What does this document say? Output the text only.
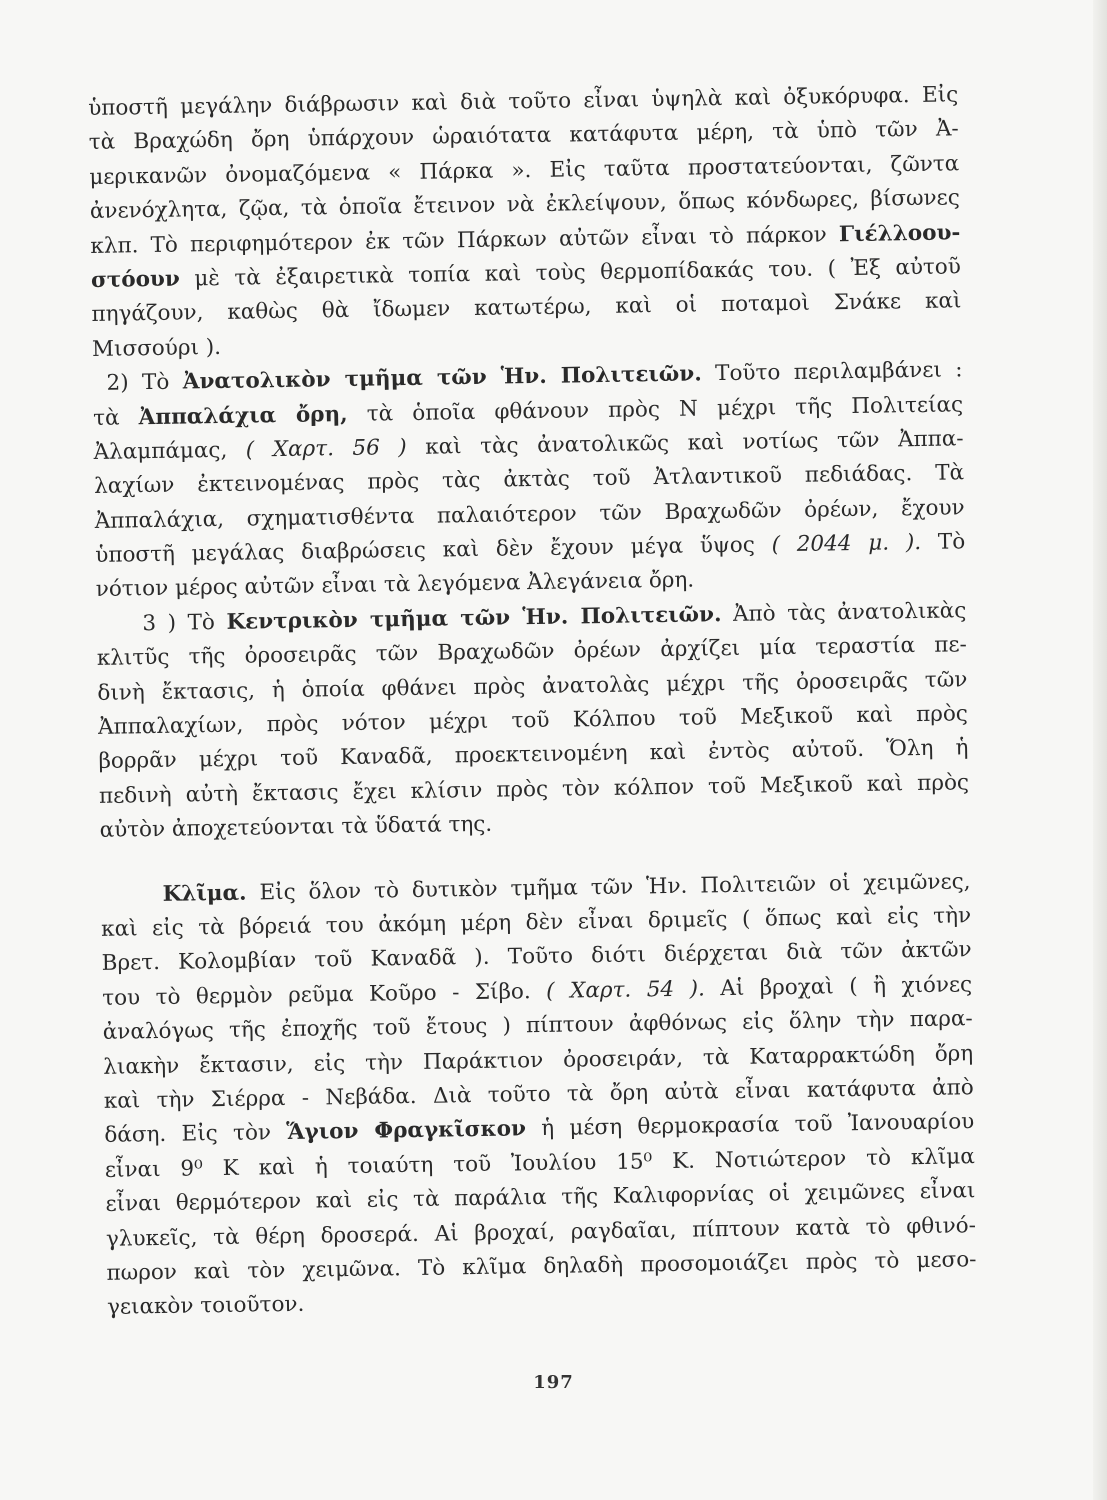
ὑποστῆ μεγάλην διάβρωσιν καὶ διὰ τοῦτο εἶναι ὑψηλὰ καὶ ὀξυκόρυφα. Εἰς
τὰ Βραχώδη ὄρη ὑπάρχουν ὡραιότατα κατάφυτα μέρη, τὰ ὑπὸ τῶν Ἀ-
μερικανῶν ὀνομαζόμενα « Πάρκα ». Εἰς ταῦτα προστατεύονται, ζῶντα
ἀνενόχλητα, ζῷα, τὰ ὁποῖα ἔτεινον νὰ ἐκλείψουν, ὅπως κόνδωρες, βίσωνες
κλπ. Τὸ περιφημότερον ἐκ τῶν Πάρκων αὐτῶν εἶναι τὸ πάρκον Γιέλλοου-
στόουν μὲ τὰ ἐξαιρετικὰ τοπία καὶ τοὺς θερμοπίδακάς του. ( Ἐξ αὐτοῦ
πηγάζουν, καθὼς θὰ ἴδωμεν κατωτέρω, καὶ οἱ ποταμοὶ Σνάκε καὶ
Μισσούρι ).
2) Τὸ Ἀνατολικὸν τμῆμα τῶν Ἡν. Πολιτειῶν. Τοῦτο περιλαμβάνει :
τὰ Ἀππαλάχια ὄρη, τὰ ὁποῖα φθάνουν πρὸς Ν μέχρι τῆς Πολιτείας
Ἀλαμπάμας, ( Χαρτ. 56 ) καὶ τὰς ἀνατολικῶς καὶ νοτίως τῶν Ἀππα-
λαχίων ἐκτεινομένας πρὸς τὰς ἀκτὰς τοῦ Ἀτλαντικοῦ πεδιάδας. Τὰ
Ἀππαλάχια, σχηματισθέντα παλαιότερον τῶν Βραχωδῶν ὀρέων, ἔχουν
ὑποστῆ μεγάλας διαβρώσεις καὶ δὲν ἔχουν μέγα ὕψος ( 2044 μ. ). Τὸ
νότιον μέρος αὐτῶν εἶναι τὰ λεγόμενα Ἀλεγάνεια ὄρη.
3 ) Τὸ Κεντρικὸν τμῆμα τῶν Ἡν. Πολιτειῶν. Ἀπὸ τὰς ἀνατολικὰς
κλιτῦς τῆς ὀροσειρᾶς τῶν Βραχωδῶν ὀρέων ἀρχίζει μία τεραστία πε-
δινὴ ἔκτασις, ἡ ὁποία φθάνει πρὸς ἀνατολὰς μέχρι τῆς ὀροσειρᾶς τῶν
Ἀππαλαχίων, πρὸς νότον μέχρι τοῦ Κόλπου τοῦ Μεξικοῦ καὶ πρὸς
βορρᾶν μέχρι τοῦ Καναδᾶ, προεκτεινομένη καὶ ἐντὸς αὐτοῦ. Ὅλη ἡ
πεδινὴ αὐτὴ ἔκτασις ἔχει κλίσιν πρὸς τὸν κόλπον τοῦ Μεξικοῦ καὶ πρὸς
αὐτὸν ἀποχετεύονται τὰ ὕδατά της.
Κλῖμα. Εἰς ὅλον τὸ δυτικὸν τμῆμα τῶν Ἡν. Πολιτειῶν οἱ χειμῶνες,
καὶ εἰς τὰ βόρειά του ἀκόμη μέρη δὲν εἶναι δριμεῖς ( ὅπως καὶ εἰς τὴν
Βρετ. Κολομβίαν τοῦ Καναδᾶ ). Τοῦτο διότι διέρχεται διὰ τῶν ἀκτῶν
του τὸ θερμὸν ρεῦμα Κοῦρο - Σίβο. ( Χαρτ. 54 ). Αἱ βροχαὶ ( ἢ χιόνες
ἀναλόγως τῆς ἐποχῆς τοῦ ἔτους ) πίπτουν ἀφθόνως εἰς ὅλην τὴν παρα-
λιακὴν ἔκτασιν, εἰς τὴν Παράκτιον ὀροσειράν, τὰ Καταρρακτώδη ὄρη
καὶ τὴν Σιέρρα - Νεβάδα. Διὰ τοῦτο τὰ ὄρη αὐτὰ εἶναι κατάφυτα ἀπὸ
δάση. Εἰς τὸν Ἅγιον Φραγκῖσκον ἡ μέση θερμοκρασία τοῦ Ἰανουαρίου
εἶναι 9⁰ Κ καὶ ἡ τοιαύτη τοῦ Ἰουλίου 15⁰ Κ. Νοτιώτερον τὸ κλῖμα
εἶναι θερμότερον καὶ εἰς τὰ παράλια τῆς Καλιφορνίας οἱ χειμῶνες εἶναι
γλυκεῖς, τὰ θέρη δροσερά. Αἱ βροχαί, ραγδαῖαι, πίπτουν κατὰ τὸ φθινό-
πωρον καὶ τὸν χειμῶνα. Τὸ κλῖμα δηλαδὴ προσομοιάζει πρὸς τὸ μεσο-
γειακὸν τοιοῦτον.
197
